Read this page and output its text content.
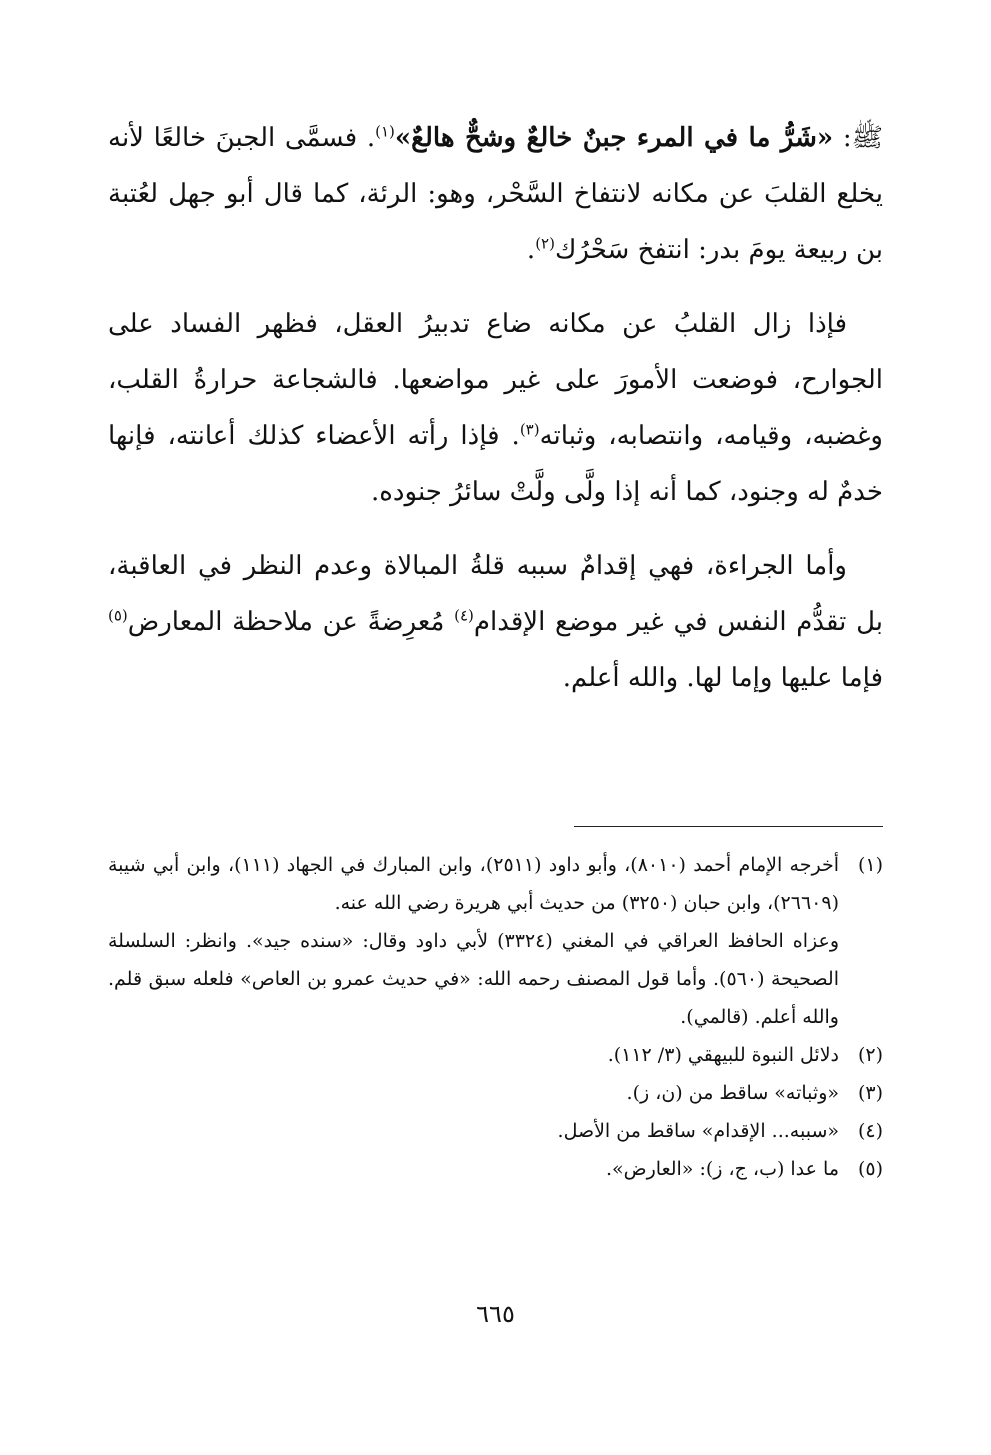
ﷺ: «شَرُّ ما في المرء جبنٌ خالعٌ وشحٌّ هالعٌ»$^{(١)}$. فسمَّى الجبنَ خالعًا لأنه يخلع القلبَ عن مكانه لانتفاخ السَّحْر، وهو: الرئة، كما قال أبو جهل لعُتبة بن ربيعة يومَ بدر: انتفخ سَحْرُك$^{(٢)}$.

فإذا زال القلبُ عن مكانه ضاع تدبيرُ العقل، فظهر الفساد على الجوارح، فوضعت الأمورَ على غير مواضعها. فالشجاعة حرارةُ القلب، وغضبه، وقيامه، وانتصابه، وثباته$^{(٣)}$. فإذا رأته الأعضاء كذلك أعانته، فإنها خدمٌ له وجنود، كما أنه إذا ولَّى ولَّتْ سائرُ جنوده.

وأما الجراءة، فهي إقدامٌ سببه قلةُ المبالاة وعدم النظر في العاقبة، بل تقدُّم النفس في غير موضع الإقدام$^{(٤)}$ مُعرِضةً عن ملاحظة المعارض$^{(٥)}$ فإما عليها وإما لها. والله أعلم.

(١)
أخرجه الإمام أحمد (٨٠١٠)، وأبو داود (٢٥١١)، وابن المبارك في الجهاد (١١١)، وابن أبي شيبة (٢٦٦٠٩)، وابن حبان (٣٢٥٠) من حديث أبي هريرة رضي الله عنه.
وعزاه الحافظ العراقي في المغني (٣٣٢٤) لأبي داود وقال: «سنده جيد». وانظر: السلسلة الصحيحة (٥٦٠). وأما قول المصنف رحمه الله: «في حديث عمرو بن العاص» فلعله سبق قلم. والله أعلم. (قالمي).
(٢)
دلائل النبوة للبيهقي (٣/ ١١٢).
(٣)
«وثباته» ساقط من (ن، ز).
(٤)
«سببه... الإقدام» ساقط من الأصل.
(٥)
ما عدا (ب، ج، ز): «العارض».
٦٦٥
